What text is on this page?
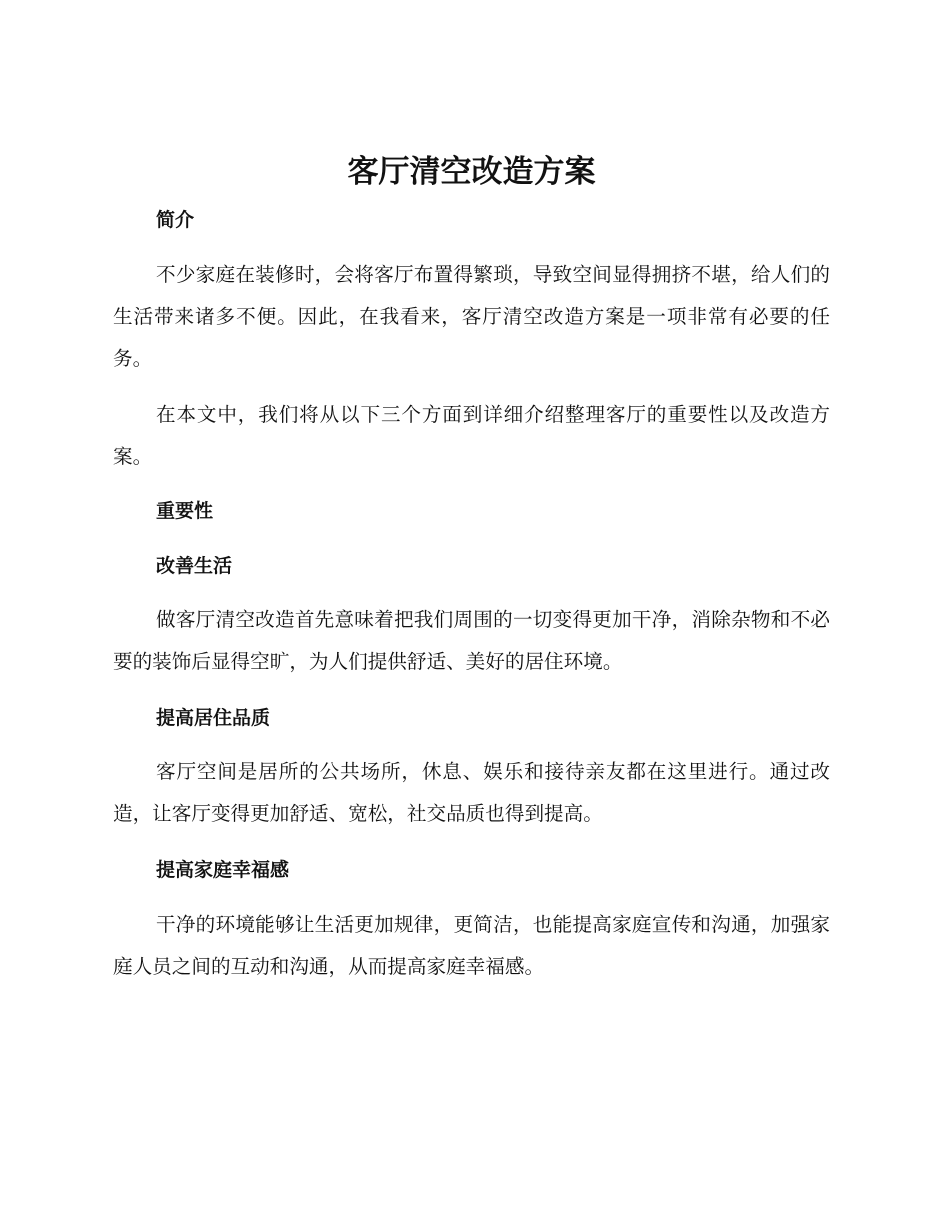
客厅清空改造方案
简介

不少家庭在装修时，会将客厅布置得繁琐，导致空间显得拥挤不堪，给人们的生活带来诸多不便。因此，在我看来，客厅清空改造方案是一项非常有必要的任务。

在本文中，我们将从以下三个方面到详细介绍整理客厅的重要性以及改造方案。

重要性
改善生活

做客厅清空改造首先意味着把我们周围的一切变得更加干净，消除杂物和不必要的装饰后显得空旷，为人们提供舒适、美好的居住环境。

提高居住品质

客厅空间是居所的公共场所，休息、娱乐和接待亲友都在这里进行。通过改造，让客厅变得更加舒适、宽松，社交品质也得到提高。

提高家庭幸福感

干净的环境能够让生活更加规律，更简洁，也能提高家庭宣传和沟通，加强家庭人员之间的互动和沟通，从而提高家庭幸福感。
